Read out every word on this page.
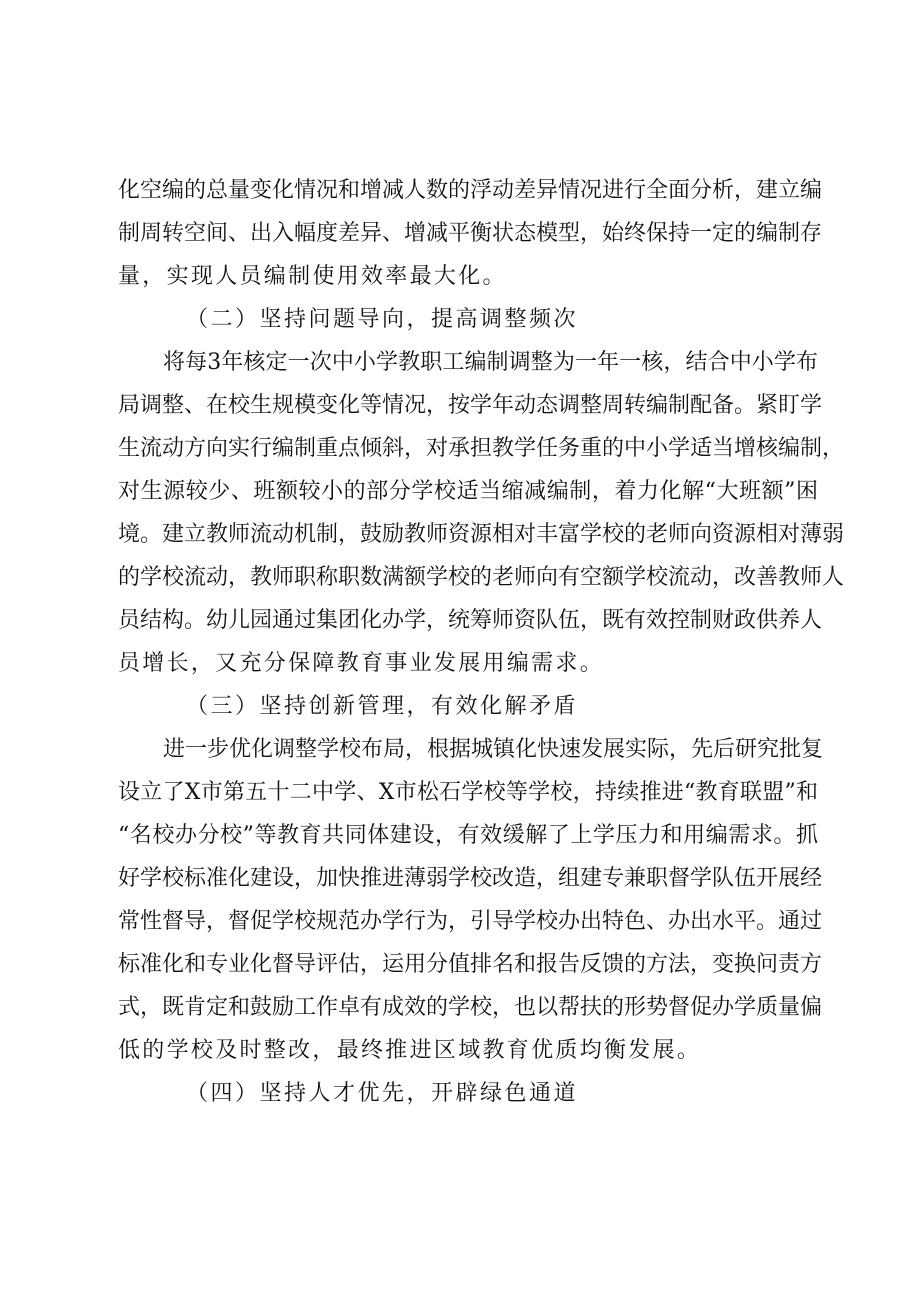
化空编的总量变化情况和增减人数的浮动差异情况进行全面分析，建立编
制周转空间、出入幅度差异、增减平衡状态模型，始终保持一定的编制存
量，实现人员编制使用效率最大化。
（二）坚持问题导向，提高调整频次
将每3年核定一次中小学教职工编制调整为一年一核，结合中小学布
局调整、在校生规模变化等情况，按学年动态调整周转编制配备。紧盯学
生流动方向实行编制重点倾斜，对承担教学任务重的中小学适当增核编制，
对生源较少、班额较小的部分学校适当缩减编制，着力化解“大班额”困
境。建立教师流动机制，鼓励教师资源相对丰富学校的老师向资源相对薄弱
的学校流动，教师职称职数满额学校的老师向有空额学校流动，改善教师人
员结构。幼儿园通过集团化办学，统筹师资队伍，既有效控制财政供养人
员增长，又充分保障教育事业发展用编需求。
（三）坚持创新管理，有效化解矛盾
进一步优化调整学校布局，根据城镇化快速发展实际，先后研究批复
设立了X市第五十二中学、X市松石学校等学校，持续推进“教育联盟”和
“名校办分校”等教育共同体建设，有效缓解了上学压力和用编需求。抓
好学校标准化建设，加快推进薄弱学校改造，组建专兼职督学队伍开展经
常性督导，督促学校规范办学行为，引导学校办出特色、办出水平。通过
标准化和专业化督导评估，运用分值排名和报告反馈的方法，变换问责方
式，既肯定和鼓励工作卓有成效的学校，也以帮扶的形势督促办学质量偏
低的学校及时整改，最终推进区域教育优质均衡发展。
（四）坚持人才优先，开辟绿色通道
